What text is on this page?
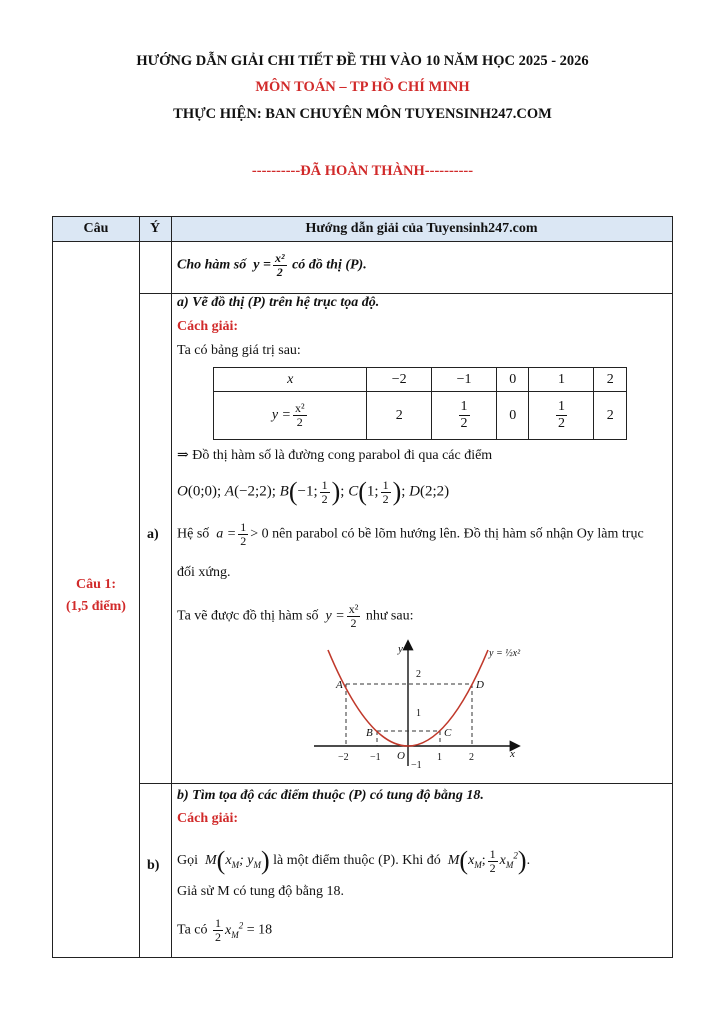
HƯỚNG DẪN GIẢI CHI TIẾT ĐỀ THI VÀO 10 NĂM HỌC 2025 - 2026
MÔN TOÁN – TP HỒ CHÍ MINH
THỰC HIỆN: BAN CHUYÊN MÔN TUYENSINH247.COM
----------ĐÃ HOÀN THÀNH----------
Câu	Ý	Hướng dẫn giải của Tuyensinh247.com
Câu 1:
(1,5 điểm)
Cho hàm số  $y = \frac{\text{x²}}{2}$ có đồ thị (P).
a)
a) Vẽ đồ thị (P) trên hệ trục tọa độ.
Cách giải:
Ta có bảng giá trị sau:
x	−2	−1	0	1	2
$y = \frac{\text{x²}}{2}$	2	$\frac{1}{2}$	0	$\frac{1}{2}$	2
⇒ Đồ thị hàm số là đường cong parabol đi qua các điểm
O(0;0); A(−2;2); B(−1; $\frac{1}{2}$ ); C(1; $\frac{1}{2}$ ); D(2;2)
Hệ số  $a = \frac{1}{2} > 0$ nên parabol có bề lõm hướng lên. Đồ thị hàm số nhận Oy làm trục
đối xứng.
Ta vẽ được đồ thị hàm số  $y = \frac{\text{x²}}{2}$ như sau:
A
B	C
D
O	x
y
−2 −1	1	2
2
1
−1
y = ½x²
b)
b) Tìm tọa độ các điểm thuộc (P) có tung độ bằng 18.
Cách giải:
Gọi  $M(x_M$; $y_M$) là một điểm thuộc (P). Khi đó  $M(x_M$; $\frac{1}{2} x_M^2$).
Giả sử M có tung độ bằng 18.
Ta có $\frac{1}{2} x_M^2 = 18$
